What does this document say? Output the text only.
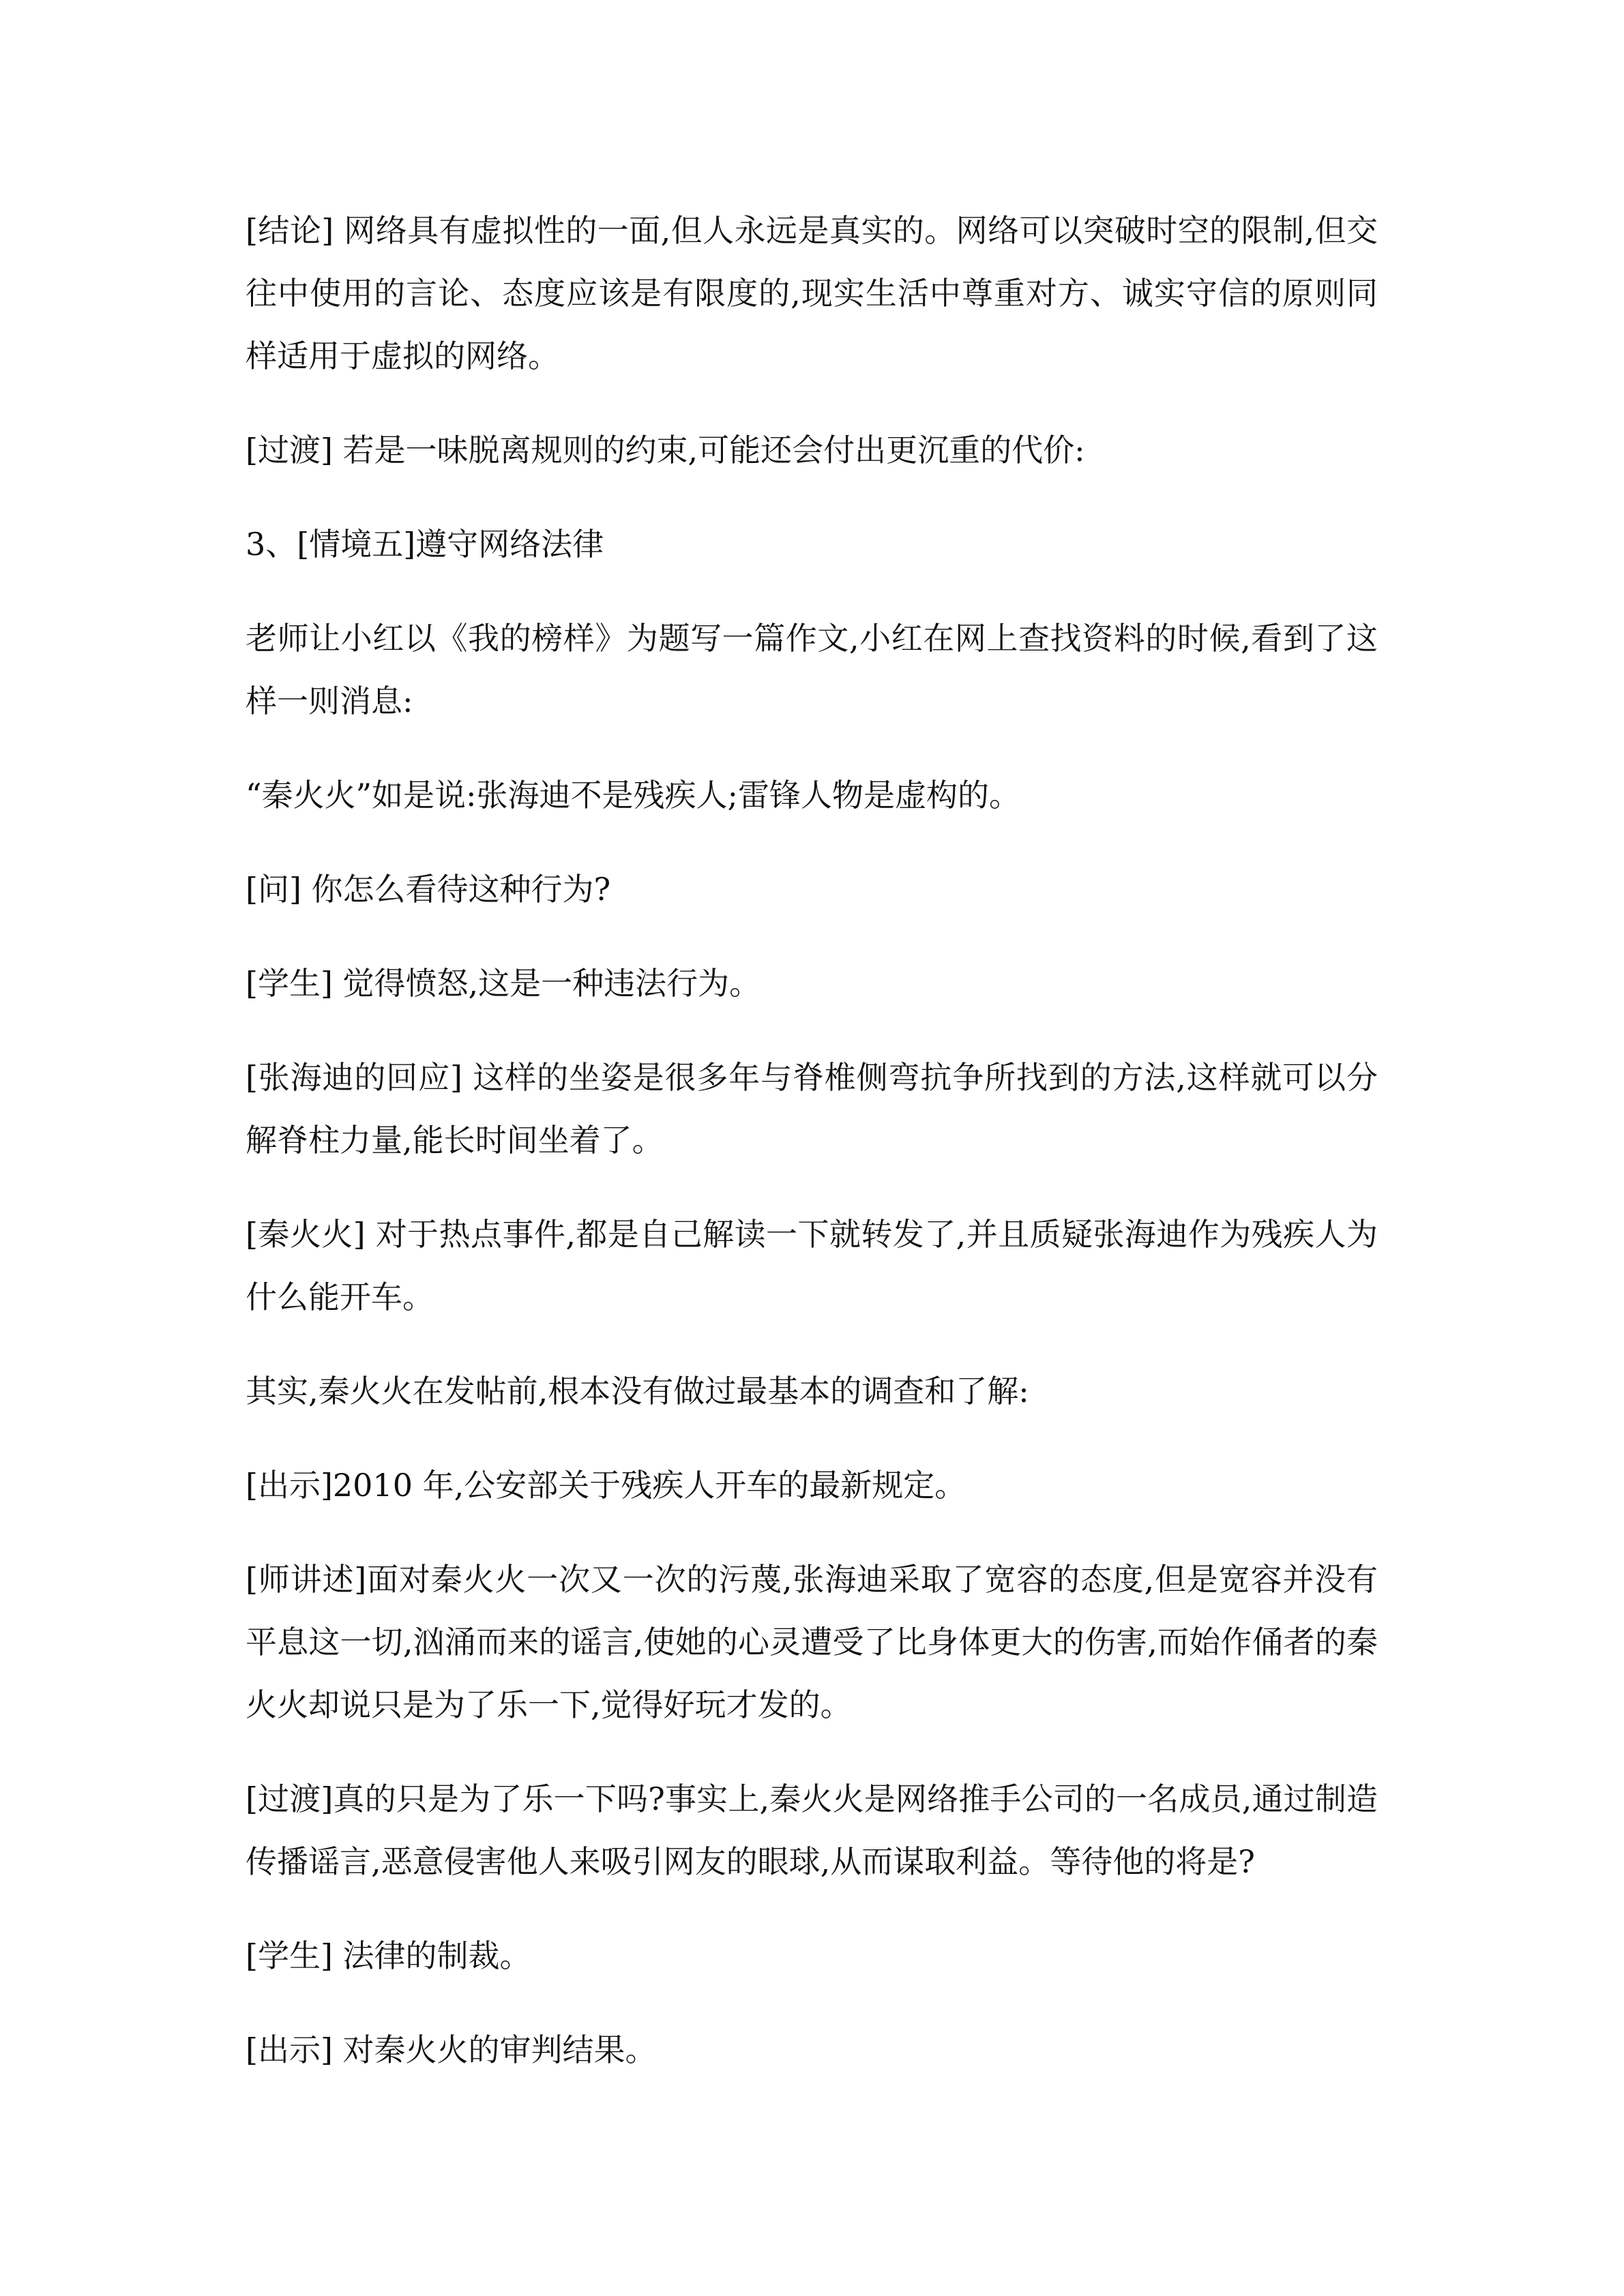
[结论] 网络具有虚拟性的一面,但人永远是真实的。网络可以突破时空的限制,但交往中使用的言论、态度应该是有限度的,现实生活中尊重对方、诚实守信的原则同样适用于虚拟的网络。

[过渡] 若是一味脱离规则的约束,可能还会付出更沉重的代价:

3、[情境五]遵守网络法律

老师让小红以《我的榜样》为题写一篇作文,小红在网上查找资料的时候,看到了这样一则消息:

“秦火火”如是说:张海迪不是残疾人;雷锋人物是虚构的。

[问] 你怎么看待这种行为?

[学生] 觉得愤怒,这是一种违法行为。

[张海迪的回应] 这样的坐姿是很多年与脊椎侧弯抗争所找到的方法,这样就可以分解脊柱力量,能长时间坐着了。

[秦火火] 对于热点事件,都是自己解读一下就转发了,并且质疑张海迪作为残疾人为什么能开车。

其实,秦火火在发帖前,根本没有做过最基本的调查和了解:

[出示]2010 年,公安部关于残疾人开车的最新规定。

[师讲述]面对秦火火一次又一次的污蔑,张海迪采取了宽容的态度,但是宽容并没有平息这一切,汹涌而来的谣言,使她的心灵遭受了比身体更大的伤害,而始作俑者的秦火火却说只是为了乐一下,觉得好玩才发的。

[过渡]真的只是为了乐一下吗?事实上,秦火火是网络推手公司的一名成员,通过制造传播谣言,恶意侵害他人来吸引网友的眼球,从而谋取利益。等待他的将是?

[学生] 法律的制裁。

[出示] 对秦火火的审判结果。
